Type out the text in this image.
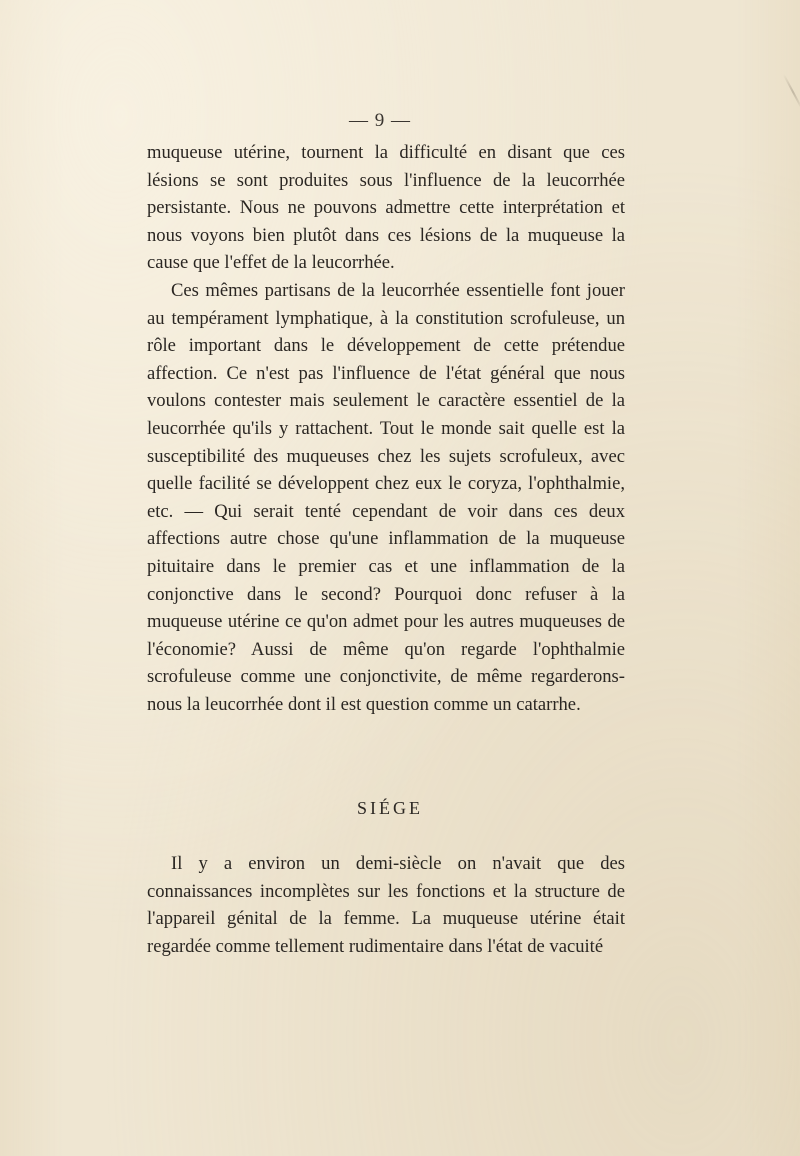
— 9 —

muqueuse utérine, tournent la difficulté en disant que ces lésions se sont produites sous l'influence de la leucorrhée persistante. Nous ne pouvons admettre cette interprétation et nous voyons bien plutôt dans ces lésions de la muqueuse la cause que l'effet de la leucorrhée.

Ces mêmes partisans de la leucorrhée essentielle font jouer au tempérament lymphatique, à la constitution scrofuleuse, un rôle important dans le développement de cette prétendue affection. Ce n'est pas l'influence de l'état général que nous voulons contester mais seulement le caractère essentiel de la leucorrhée qu'ils y rattachent. Tout le monde sait quelle est la susceptibilité des muqueuses chez les sujets scrofuleux, avec quelle facilité se développent chez eux le coryza, l'ophthalmie, etc. — Qui serait tenté cependant de voir dans ces deux affections autre chose qu'une inflammation de la muqueuse pituitaire dans le premier cas et une inflammation de la conjonctive dans le second? Pourquoi donc refuser à la muqueuse utérine ce qu'on admet pour les autres muqueuses de l'économie? Aussi de même qu'on regarde l'ophthalmie scrofuleuse comme une conjonctivite, de même regarderons-nous la leucorrhée dont il est question comme un catarrhe.

SIÉGE

Il y a environ un demi-siècle on n'avait que des connaissances incomplètes sur les fonctions et la structure de l'appareil génital de la femme. La muqueuse utérine était regardée comme tellement rudimentaire dans l'état de vacuité
